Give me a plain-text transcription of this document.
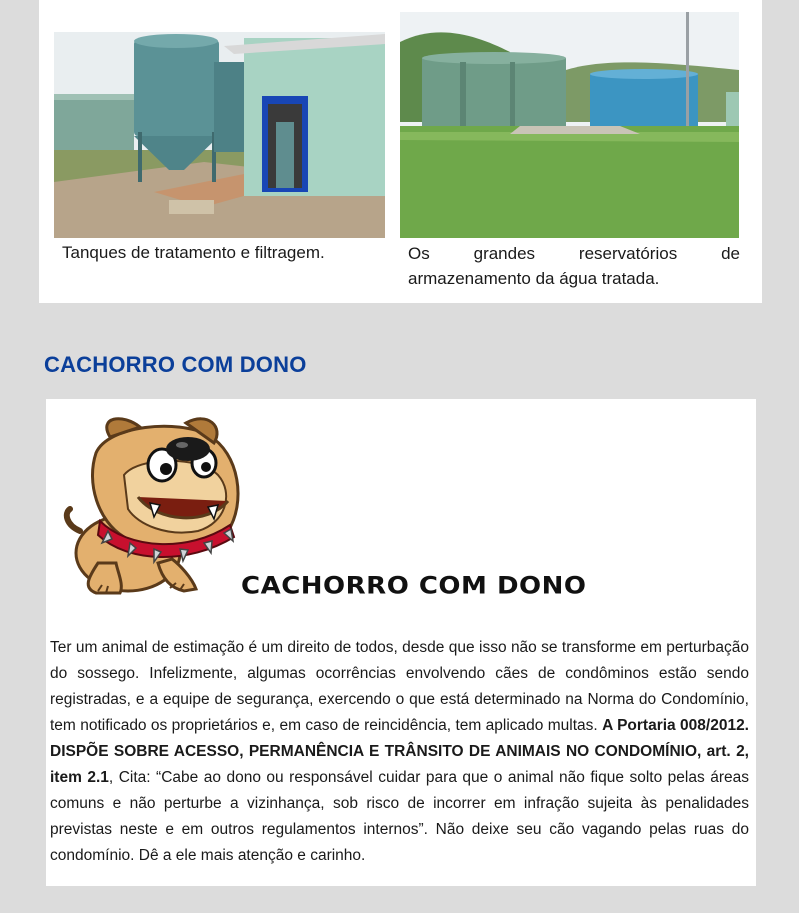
Tanques de tratamento e filtragem.	Os grandes reservatórios de armazenamento da água tratada.
CACHORRO COM DONO
CACHORRO COM DONO

Ter um animal de estimação é um direito de todos, desde que isso não se transforme em perturbação do sossego. Infelizmente, algumas ocorrências envolvendo cães de condôminos estão sendo registradas, e a equipe de segurança, exercendo o que está determinado na Norma do Condomínio, tem notificado os proprietários e, em caso de reincidência, tem aplicado multas. A Portaria 008/2012. DISPÕE SOBRE ACESSO, PERMANÊNCIA E TRÂNSITO DE ANIMAIS NO CONDOMÍNIO, art. 2, item 2.1, Cita: “Cabe ao dono ou responsável cuidar para que o animal não fique solto pelas áreas comuns e não perturbe a vizinhança, sob risco de incorrer em infração sujeita às penalidades previstas neste e em outros regulamentos internos”. Não deixe seu cão vagando pelas ruas do condomínio. Dê a ele mais atenção e carinho.
